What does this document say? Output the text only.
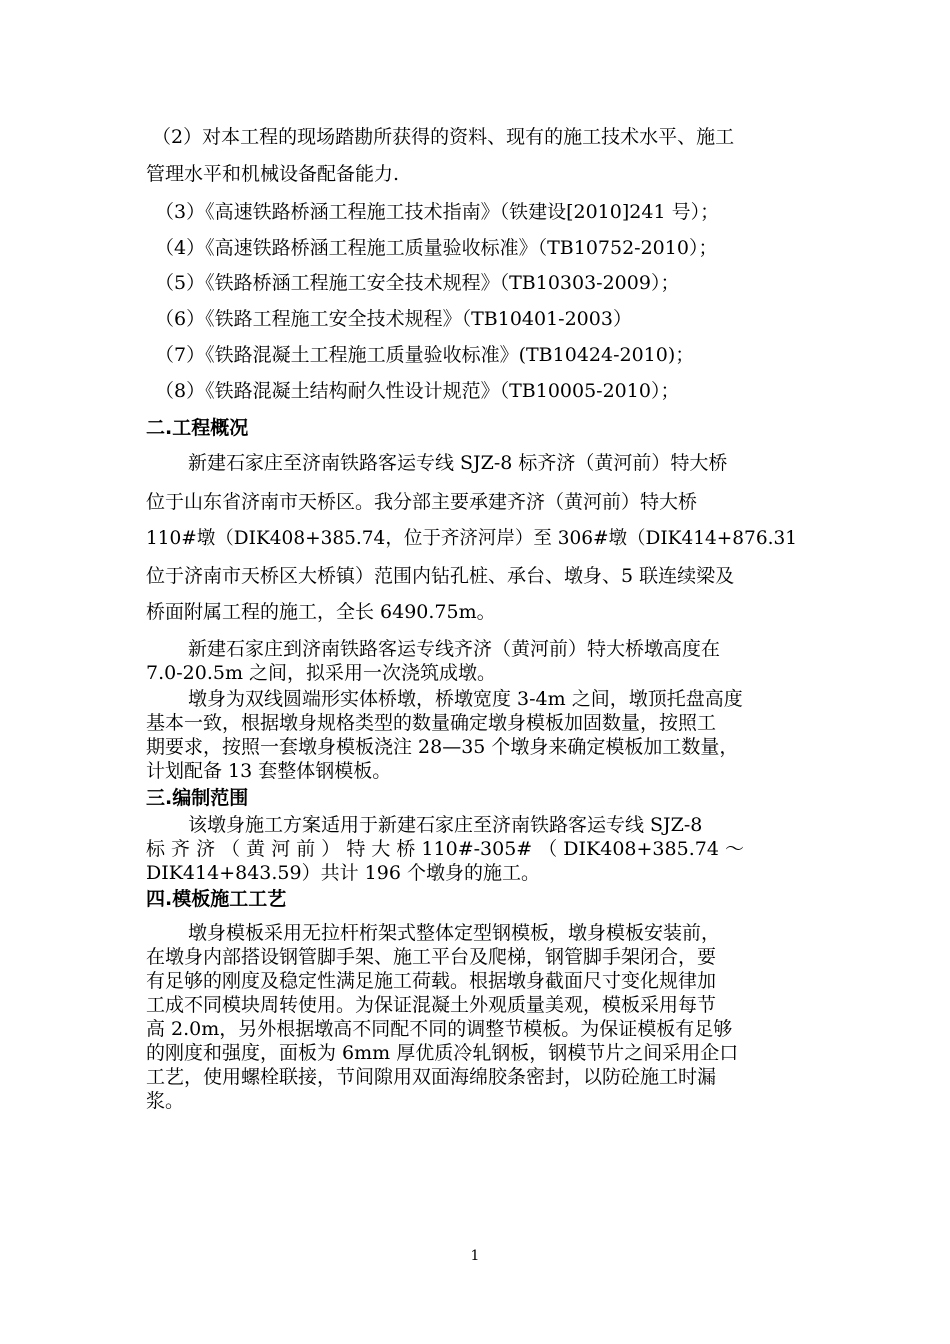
（2）对本工程的现场踏勘所获得的资料、现有的施工技术水平、施工
管理水平和机械设备配备能力.
（3）《高速铁路桥涵工程施工技术指南》（铁建设[2010]241 号）；
（4）《高速铁路桥涵工程施工质量验收标准》（TB10752-2010）；
（5）《铁路桥涵工程施工安全技术规程》（TB10303-2009）；
（6）《铁路工程施工安全技术规程》（TB10401-2003）
（7）《铁路混凝土工程施工质量验收标准》(TB10424-2010)；
（8）《铁路混凝土结构耐久性设计规范》（TB10005-2010）；
二.工程概况
新建石家庄至济南铁路客运专线 SJZ-8 标齐济（黄河前）特大桥
位于山东省济南市天桥区。我分部主要承建齐济（黄河前）特大桥
110#墩（DIK408+385.74，位于齐济河岸）至 306#墩（DIK414+876.31
位于济南市天桥区大桥镇）范围内钻孔桩、承台、墩身、5 联连续梁及
桥面附属工程的施工，全长 6490.75m。
新建石家庄到济南铁路客运专线齐济（黄河前）特大桥墩高度在
7.0-20.5m 之间，拟采用一次浇筑成墩。
墩身为双线圆端形实体桥墩，桥墩宽度 3-4m 之间，墩顶托盘高度
基本一致，根据墩身规格类型的数量确定墩身模板加固数量，按照工
期要求，按照一套墩身模板浇注 28—35 个墩身来确定模板加工数量，
计划配备 13 套整体钢模板。
三.编制范围
该墩身施工方案适用于新建石家庄至济南铁路客运专线 SJZ-8
标 齐 济 （ 黄 河 前 ） 特 大 桥 110#-305# （ DIK408+385.74 ～
DIK414+843.59）共计 196 个墩身的施工。
四.模板施工工艺
墩身模板采用无拉杆桁架式整体定型钢模板，墩身模板安装前，
在墩身内部搭设钢管脚手架、施工平台及爬梯，钢管脚手架闭合，要
有足够的刚度及稳定性满足施工荷载。根据墩身截面尺寸变化规律加
工成不同模块周转使用。为保证混凝土外观质量美观，模板采用每节
高 2.0m，另外根据墩高不同配不同的调整节模板。为保证模板有足够
的刚度和强度，面板为 6mm 厚优质冷轧钢板，钢模节片之间采用企口
工艺，使用螺栓联接，节间隙用双面海绵胶条密封，以防砼施工时漏
浆。
1
